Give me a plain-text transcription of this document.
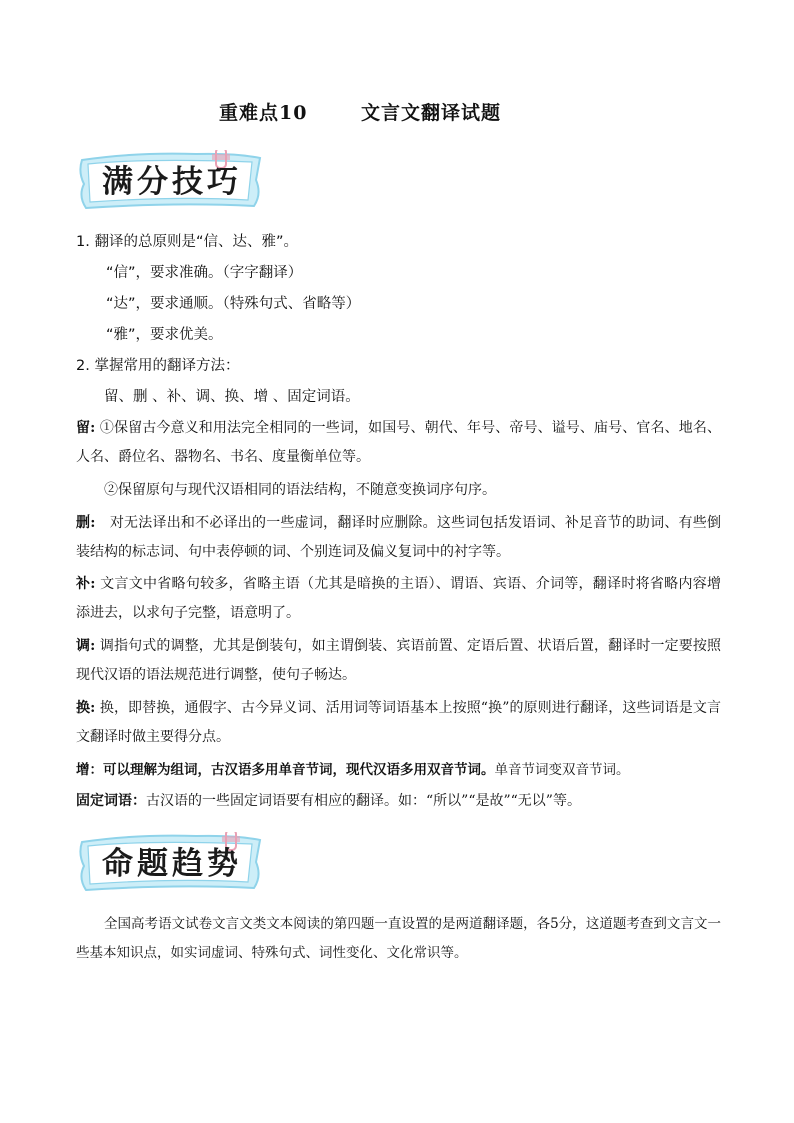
重难点10　 文言文翻译试题
满分技巧
1. 翻译的总原则是“信、达、雅”。
“信”，要求准确。（字字翻译）
“达”，要求通顺。（特殊句式、省略等）
“雅”，要求优美。
2. 掌握常用的翻译方法：
留、删 、补、调、换、增 、固定词语。
留: ①保留古今意义和用法完全相同的一些词，如国号、朝代、年号、帝号、谥号、庙号、官名、地名、人名、爵位名、器物名、书名、度量衡单位等。
②保留原句与现代汉语相同的语法结构，不随意变换词序句序。
删:　对无法译出和不必译出的一些虚词，翻译时应删除。这些词包括发语词、补足音节的助词、有些倒装结构的标志词、句中表停顿的词、个别连词及偏义复词中的衬字等。
补: 文言文中省略句较多，省略主语（尤其是暗换的主语）、谓语、宾语、介词等，翻译时将省略内容增添进去，以求句子完整，语意明了。
调: 调指句式的调整，尤其是倒装句，如主谓倒装、宾语前置、定语后置、状语后置，翻译时一定要按照现代汉语的语法规范进行调整，使句子畅达。
换: 换，即替换，通假字、古今异义词、活用词等词语基本上按照“换”的原则进行翻译，这些词语是文言文翻译时做主要得分点。
增：可以理解为组词，古汉语多用单音节词，现代汉语多用双音节词。单音节词变双音节词。
固定词语：古汉语的一些固定词语要有相应的翻译。如：“所以”“是故”“无以”等。
命题趋势
全国高考语文试卷文言文类文本阅读的第四题一直设置的是两道翻译题，各5分，这道题考查到文言文一些基本知识点，如实词虚词、特殊句式、词性变化、文化常识等。
